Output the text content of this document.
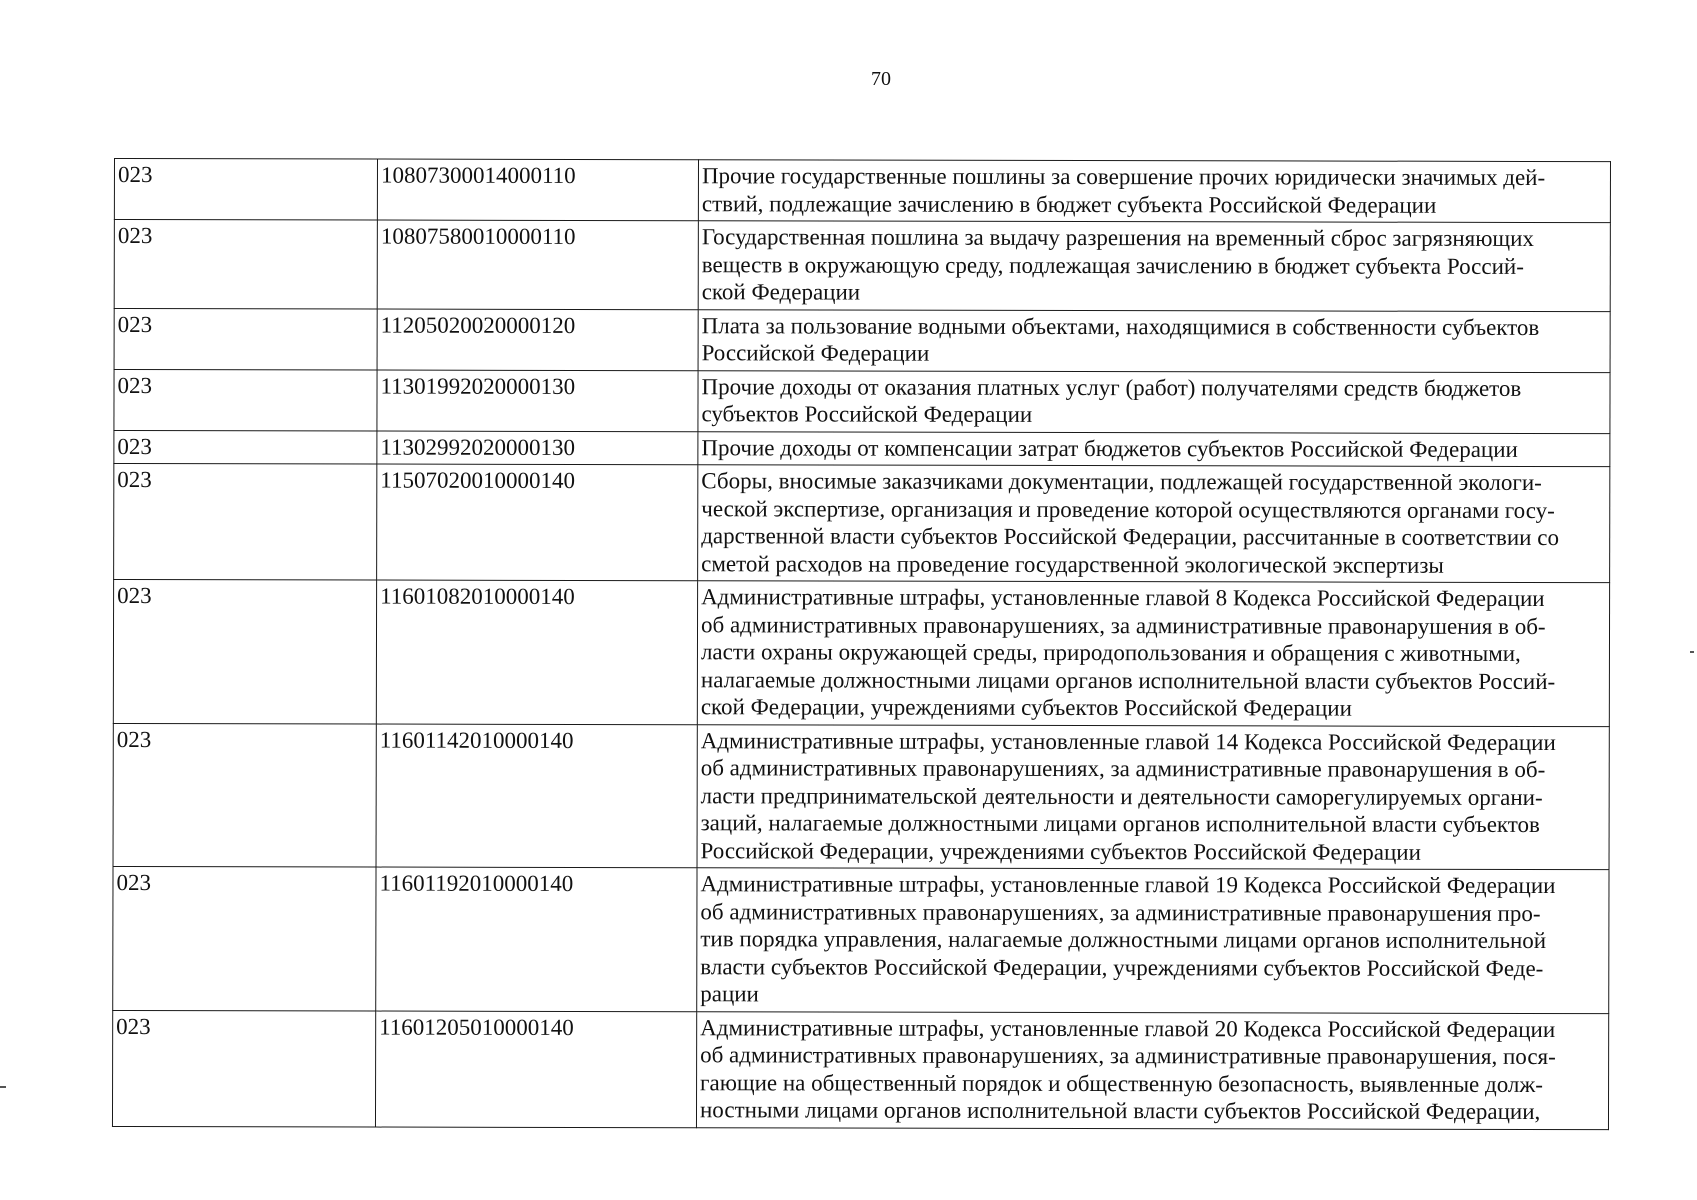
70
023	10807300014000110	Прочие государственные пошлины за совершение прочих юридически значимых дей-
ствий, подлежащие зачислению в бюджет субъекта Российской Федерации

023	10807580010000110	Государственная пошлина за выдачу разрешения на временный сброс загрязняющих
веществ в окружающую среду, подлежащая зачислению в бюджет субъекта Россий-
ской Федерации

023	11205020020000120	Плата за пользование водными объектами, находящимися в собственности субъектов
Российской Федерации

023	11301992020000130	Прочие доходы от оказания платных услуг (работ) получателями средств бюджетов
субъектов Российской Федерации

023	11302992020000130	Прочие доходы от компенсации затрат бюджетов субъектов Российской Федерации

023	11507020010000140	Сборы, вносимые заказчиками документации, подлежащей государственной экологи-
ческой экспертизе, организация и проведение которой осуществляются органами госу-
дарственной власти субъектов Российской Федерации, рассчитанные в соответствии со
сметой расходов на проведение государственной экологической экспертизы

023	11601082010000140	Административные штрафы, установленные главой 8 Кодекса Российской Федерации
об административных правонарушениях, за административные правонарушения в об-
ласти охраны окружающей среды, природопользования и обращения с животными,
налагаемые должностными лицами органов исполнительной власти субъектов Россий-
ской Федерации, учреждениями субъектов Российской Федерации

023	11601142010000140	Административные штрафы, установленные главой 14 Кодекса Российской Федерации
об административных правонарушениях, за административные правонарушения в об-
ласти предпринимательской деятельности и деятельности саморегулируемых органи-
заций, налагаемые должностными лицами органов исполнительной власти субъектов
Российской Федерации, учреждениями субъектов Российской Федерации

023	11601192010000140	Административные штрафы, установленные главой 19 Кодекса Российской Федерации
об административных правонарушениях, за административные правонарушения про-
тив порядка управления, налагаемые должностными лицами органов исполнительной
власти субъектов Российской Федерации, учреждениями субъектов Российской Феде-
рации

023	11601205010000140	Административные штрафы, установленные главой 20 Кодекса Российской Федерации
об административных правонарушениях, за административные правонарушения, пося-
гающие на общественный порядок и общественную безопасность, выявленные долж-
ностными лицами органов исполнительной власти субъектов Российской Федерации,
